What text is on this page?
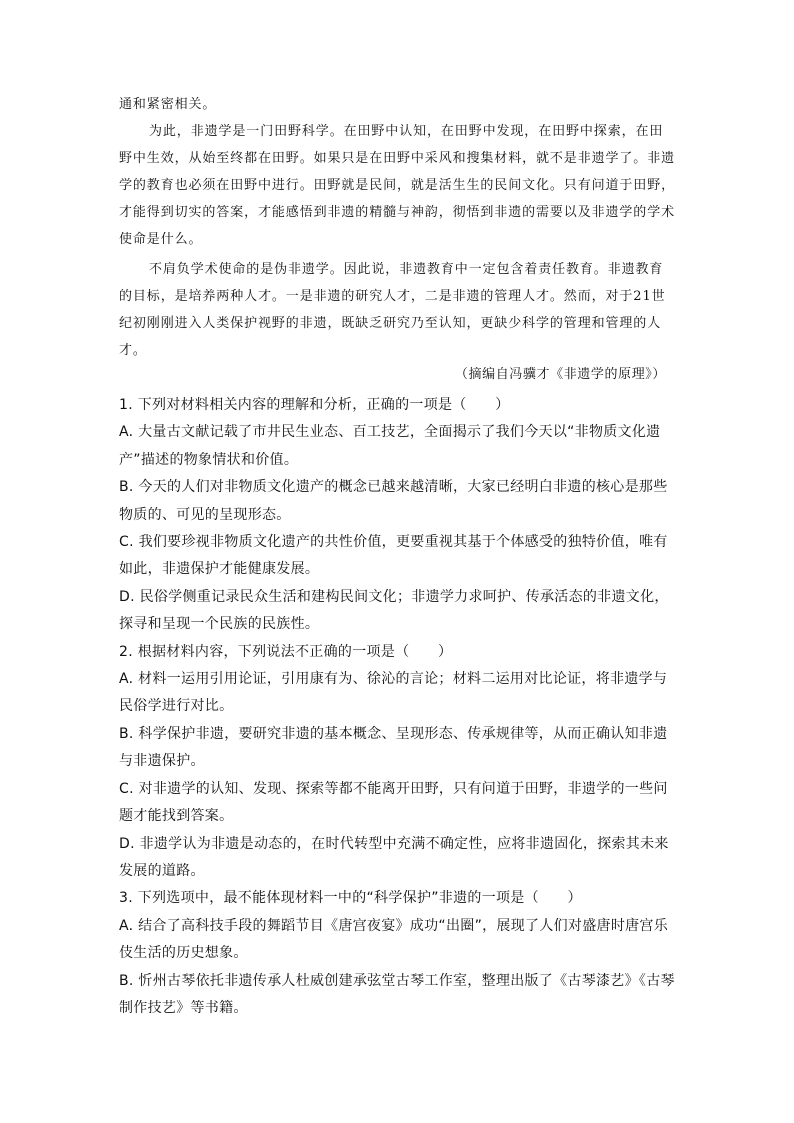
通和紧密相关。

为此，非遗学是一门田野科学。在田野中认知，在田野中发现，在田野中探索，在田野中生效，从始至终都在田野。如果只是在田野中采风和搜集材料，就不是非遗学了。非遗学的教育也必须在田野中进行。田野就是民间，就是活生生的民间文化。只有问道于田野，才能得到切实的答案，才能感悟到非遗的精髓与神韵，彻悟到非遗的需要以及非遗学的学术使命是什么。

不肩负学术使命的是伪非遗学。因此说，非遗教育中一定包含着责任教育。非遗教育的目标，是培养两种人才。一是非遗的研究人才，二是非遗的管理人才。然而，对于21世纪初刚刚进入人类保护视野的非遗，既缺乏研究乃至认知，更缺少科学的管理和管理的人才。

（摘编自冯骥才《非遗学的原理》）

1. 下列对材料相关内容的理解和分析，正确的一项是（　　）

A. 大量古文献记载了市井民生业态、百工技艺，全面揭示了我们今天以“非物质文化遗产”描述的物象情状和价值。

B. 今天的人们对非物质文化遗产的概念已越来越清晰，大家已经明白非遗的核心是那些物质的、可见的呈现形态。

C. 我们要珍视非物质文化遗产的共性价值，更要重视其基于个体感受的独特价值，唯有如此，非遗保护才能健康发展。

D. 民俗学侧重记录民众生活和建构民间文化；非遗学力求呵护、传承活态的非遗文化，探寻和呈现一个民族的民族性。

2. 根据材料内容，下列说法不正确的一项是（　　）

A. 材料一运用引用论证，引用康有为、徐沁的言论；材料二运用对比论证，将非遗学与民俗学进行对比。

B. 科学保护非遗，要研究非遗的基本概念、呈现形态、传承规律等，从而正确认知非遗与非遗保护。

C. 对非遗学的认知、发现、探索等都不能离开田野，只有问道于田野，非遗学的一些问题才能找到答案。

D. 非遗学认为非遗是动态的，在时代转型中充满不确定性，应将非遗固化，探索其未来发展的道路。

3. 下列选项中，最不能体现材料一中的“科学保护”非遗的一项是（　　）

A. 结合了高科技手段的舞蹈节目《唐宫夜宴》成功“出圈”，展现了人们对盛唐时唐宫乐伎生活的历史想象。

B. 忻州古琴依托非遗传承人杜威创建承弦堂古琴工作室，整理出版了《古琴漆艺》《古琴制作技艺》等书籍。
